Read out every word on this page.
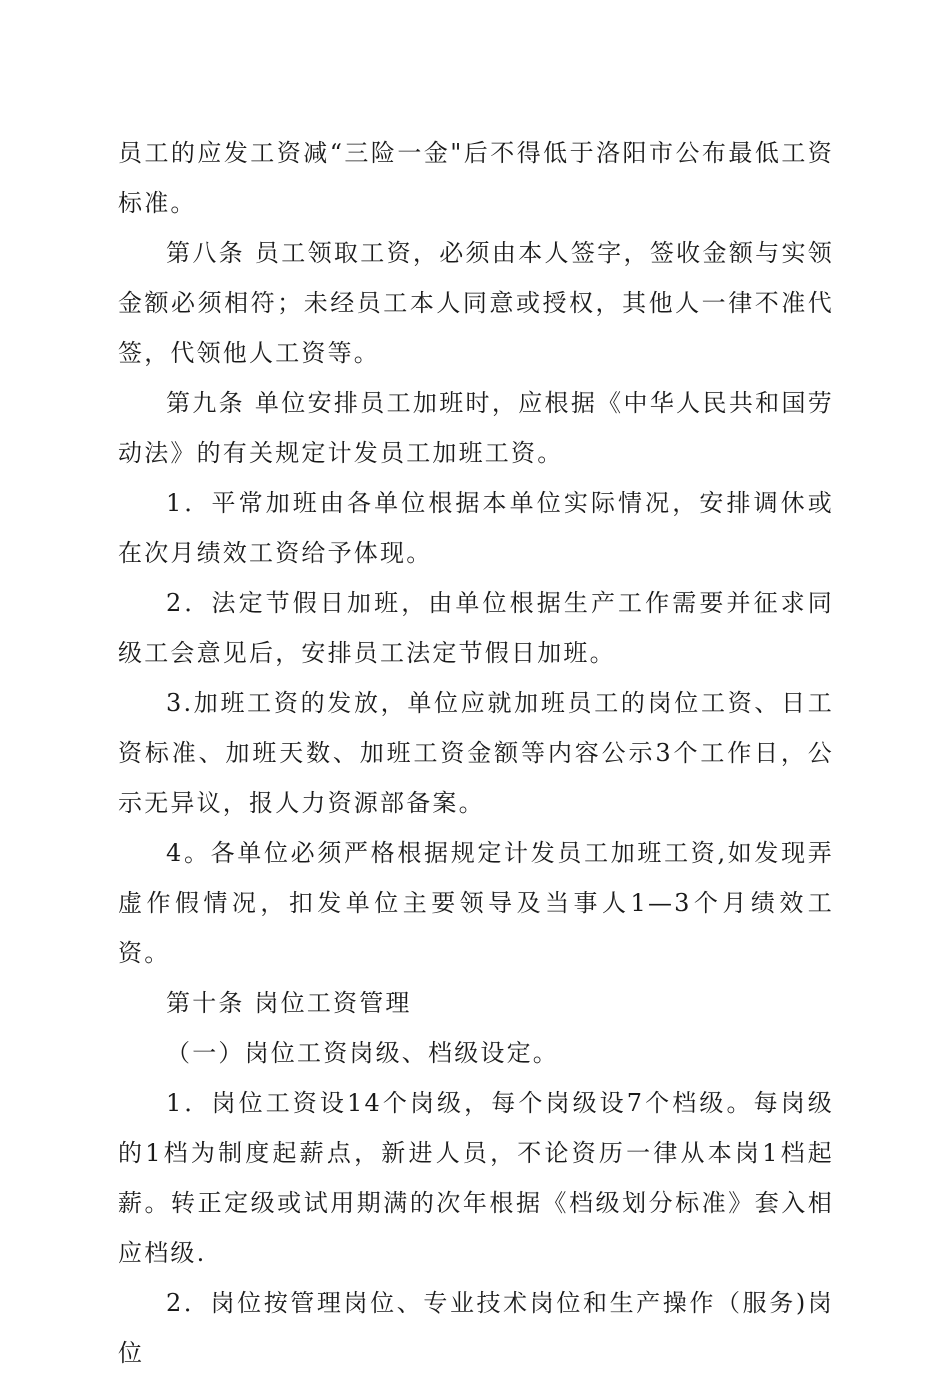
员工的应发工资减“三险一金"后不得低于洛阳市公布最低工资标准。

第八条 员工领取工资，必须由本人签字，签收金额与实领金额必须相符；未经员工本人同意或授权，其他人一律不准代签，代领他人工资等。

第九条 单位安排员工加班时，应根据《中华人民共和国劳动法》的有关规定计发员工加班工资。

1．平常加班由各单位根据本单位实际情况，安排调休或在次月绩效工资给予体现。

2．法定节假日加班，由单位根据生产工作需要并征求同级工会意见后，安排员工法定节假日加班。

3.加班工资的发放，单位应就加班员工的岗位工资、日工资标准、加班天数、加班工资金额等内容公示3个工作日，公示无异议，报人力资源部备案。

4。各单位必须严格根据规定计发员工加班工资,如发现弄虚作假情况，扣发单位主要领导及当事人1—3个月绩效工资。

第十条 岗位工资管理

（一）岗位工资岗级、档级设定。

1．岗位工资设14个岗级，每个岗级设7个档级。每岗级的1档为制度起薪点，新进人员，不论资历一律从本岗1档起薪。转正定级或试用期满的次年根据《档级划分标准》套入相应档级.

2．岗位按管理岗位、专业技术岗位和生产操作（服务)岗位
